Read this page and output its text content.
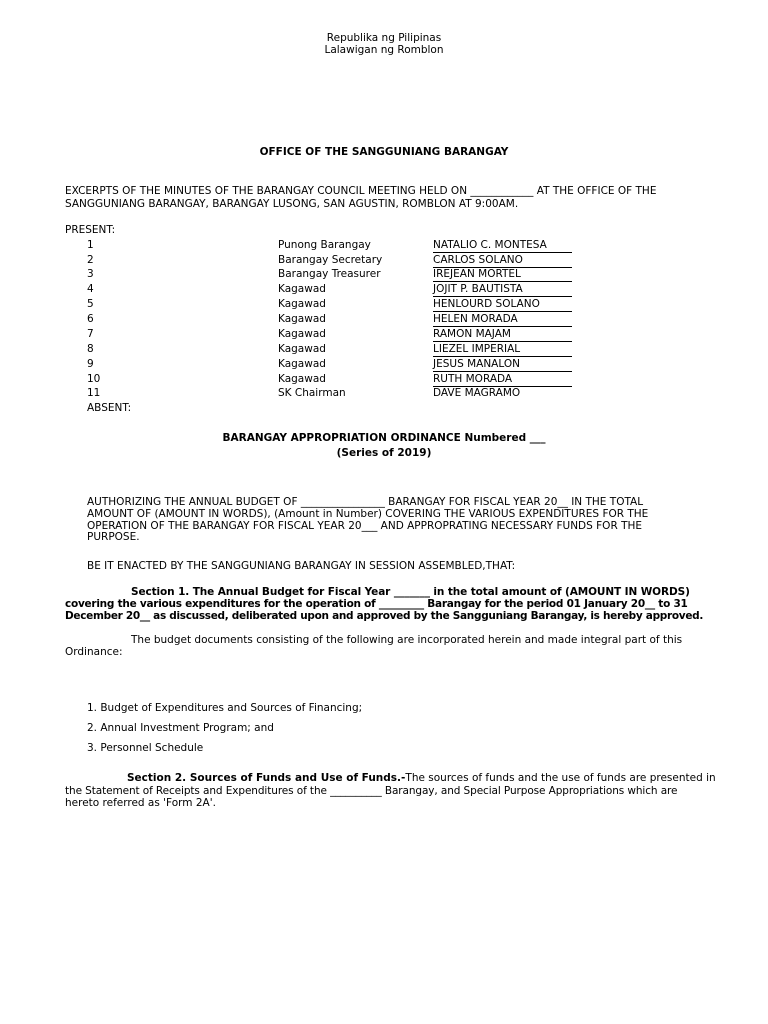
Republika ng Pilipinas
Lalawigan ng Romblon
OFFICE OF THE SANGGUNIANG BARANGAY
EXCERPTS OF THE MINUTES OF THE BARANGAY COUNCIL MEETING HELD ON ____________ AT THE OFFICE OF THE
SANGGUNIANG BARANGAY, BARANGAY LUSONG, SAN AGUSTIN, ROMBLON AT 9:00AM.
PRESENT:
1	Punong Barangay	NATALIO C. MONTESA
2	Barangay Secretary	CARLOS SOLANO
3	Barangay Treasurer	IREJEAN MORTEL
4	Kagawad	JOJIT P. BAUTISTA
5	Kagawad	HENLOURD SOLANO
6	Kagawad	HELEN MORADA
7	Kagawad	RAMON MAJAM
8	Kagawad	LIEZEL IMPERIAL
9	Kagawad	JESUS MANALON
10	Kagawad	RUTH MORADA
11	SK Chairman	DAVE MAGRAMO
ABSENT:
BARANGAY APPROPRIATION ORDINANCE Numbered ___
(Series of 2019)
AUTHORIZING THE ANNUAL BUDGET OF ________________ BARANGAY FOR FISCAL YEAR 20__ IN THE TOTAL
AMOUNT OF (AMOUNT IN WORDS), (Amount in Number) COVERING THE VARIOUS EXPENDITURES FOR THE
OPERATION OF THE BARANGAY FOR FISCAL YEAR 20___ AND APPROPRATING NECESSARY FUNDS FOR THE
PURPOSE.
BE IT ENACTED BY THE SANGGUNIANG BARANGAY IN SESSION ASSEMBLED,THAT:
Section 1. The Annual Budget for Fiscal Year _______ in the total amount of (AMOUNT IN WORDS)
covering the various expenditures for the operation of _________ Barangay for the period 01 January 20__ to 31
December 20__ as discussed, deliberated upon and approved by the Sangguniang Barangay, is hereby approved.
The budget documents consisting of the following are incorporated herein and made integral part of this
Ordinance:
1. Budget of Expenditures and Sources of Financing;
2. Annual Investment Program; and
3. Personnel Schedule
Section 2. Sources of Funds and Use of Funds.-The sources of funds and the use of funds are presented in
the Statement of Receipts and Expenditures of the __________ Barangay, and Special Purpose Appropriations which are
hereto referred as 'Form 2A'.
